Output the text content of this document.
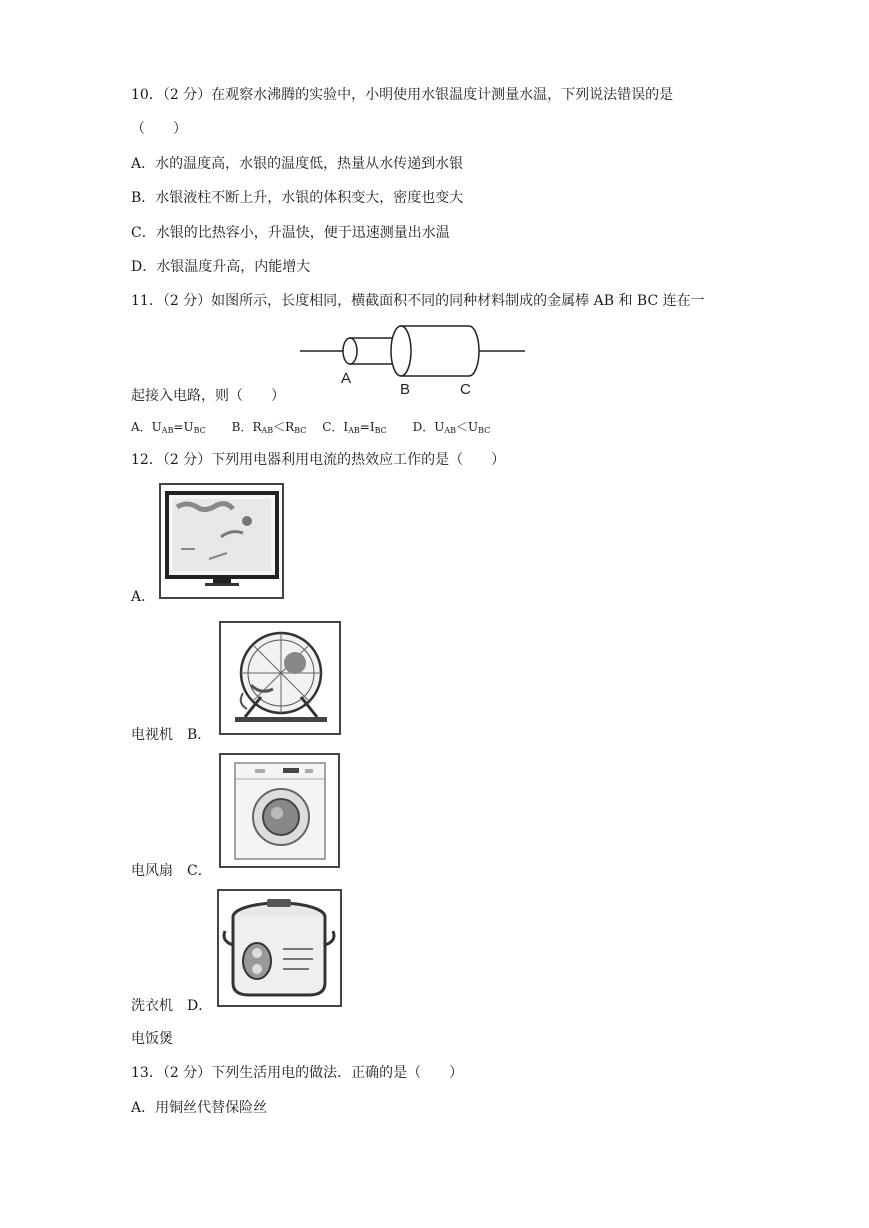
10．（2 分）在观察水沸腾的实验中，小明使用水银温度计测量水温，下列说法错误的是
（　　）
A．水的温度高，水银的温度低，热量从水传递到水银
B．水银液柱不断上升，水银的体积变大，密度也变大
C．水银的比热容小，升温快，便于迅速测量出水温
D．水银温度升高，内能增大
11．（2 分）如图所示，长度相同，横截面积不同的同种材料制成的金属棒 AB 和 BC 连在一
A
B	C
起接入电路，则（　　）
A．$U_{AB}=U_{BC}$ B．$R_{AB}<R_{BC}$ C．$I_{AB}=I_{BC}$ D．$U_{AB}<U_{BC}$
12．（2 分）下列用电器利用电流的热效应工作的是（　　）
A．
电视机　B．
电风扇　C．
洗衣机　D．
电饭煲
13．（2 分）下列生活用电的做法．正确的是（　　）
A．用铜丝代替保险丝
